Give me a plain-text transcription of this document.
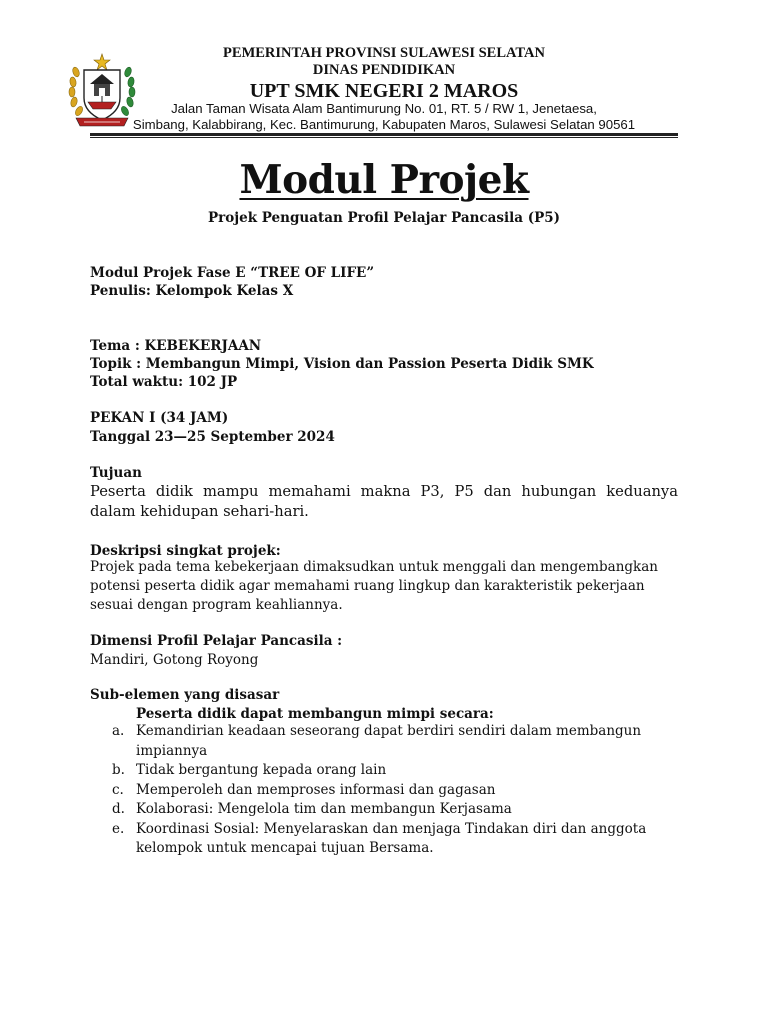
PEMERINTAH PROVINSI SULAWESI SELATAN
DINAS PENDIDIKAN
UPT SMK NEGERI 2 MAROS
Jalan Taman Wisata Alam Bantimurung No. 01, RT. 5 / RW 1, Jenetaesa,
Simbang, Kalabbirang, Kec. Bantimurung, Kabupaten Maros, Sulawesi Selatan 90561
Modul Projek
Projek Penguatan Profil Pelajar Pancasila (P5)
Modul Projek Fase E “TREE OF LIFE”
Penulis: Kelompok Kelas X
Tema : KEBEKERJAAN
Topik : Membangun Mimpi, Vision dan Passion Peserta Didik SMK
Total waktu: 102 JP
PEKAN I (34 JAM)
Tanggal 23—25 September 2024
Tujuan
Peserta didik mampu memahami makna P3, P5 dan hubungan keduanya dalam kehidupan sehari-hari.
Deskripsi singkat projek:
Projek pada tema kebekerjaan dimaksudkan untuk menggali dan mengembangkan potensi peserta didik agar memahami ruang lingkup dan karakteristik pekerjaan sesuai dengan program keahliannya.
Dimensi Profil Pelajar Pancasila :
Mandiri, Gotong Royong
Sub-elemen yang disasar
Peserta didik dapat membangun mimpi secara:
a. Kemandirian keadaan seseorang dapat berdiri sendiri dalam membangun impiannya
b. Tidak bergantung kepada orang lain
c. Memperoleh dan memproses informasi dan gagasan
d. Kolaborasi: Mengelola tim dan membangun Kerjasama
e. Koordinasi Sosial: Menyelaraskan dan menjaga Tindakan diri dan anggota kelompok untuk mencapai tujuan Bersama.
